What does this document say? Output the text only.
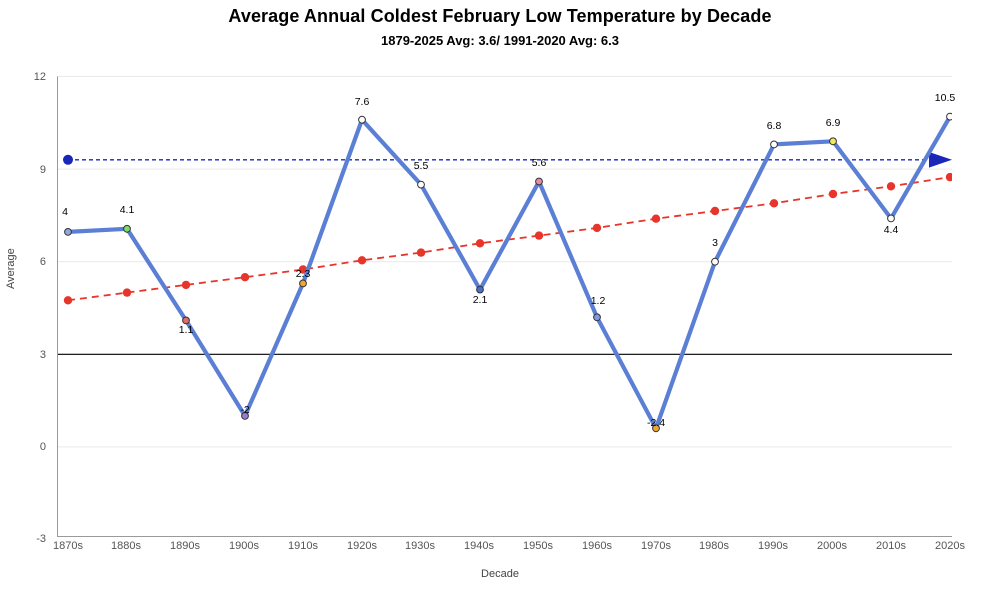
Average Annual Coldest February Low Temperature by Decade
1879-2025 Avg: 3.6/ 1991-2020 Avg: 6.3
Average
Decade
12
9
6
3
0
-3
1870s	1880s	1890s	1900s	1910s	1920s	1930s	1940s	1950s	1960s	1970s	1980s	1990s	2000s	2010s	2020s
4	4.1
1.1
-2
2.3
7.6
5.5
2.1
5.6
1.2
-2.4
3
6.8	6.9
4.4
10.5
